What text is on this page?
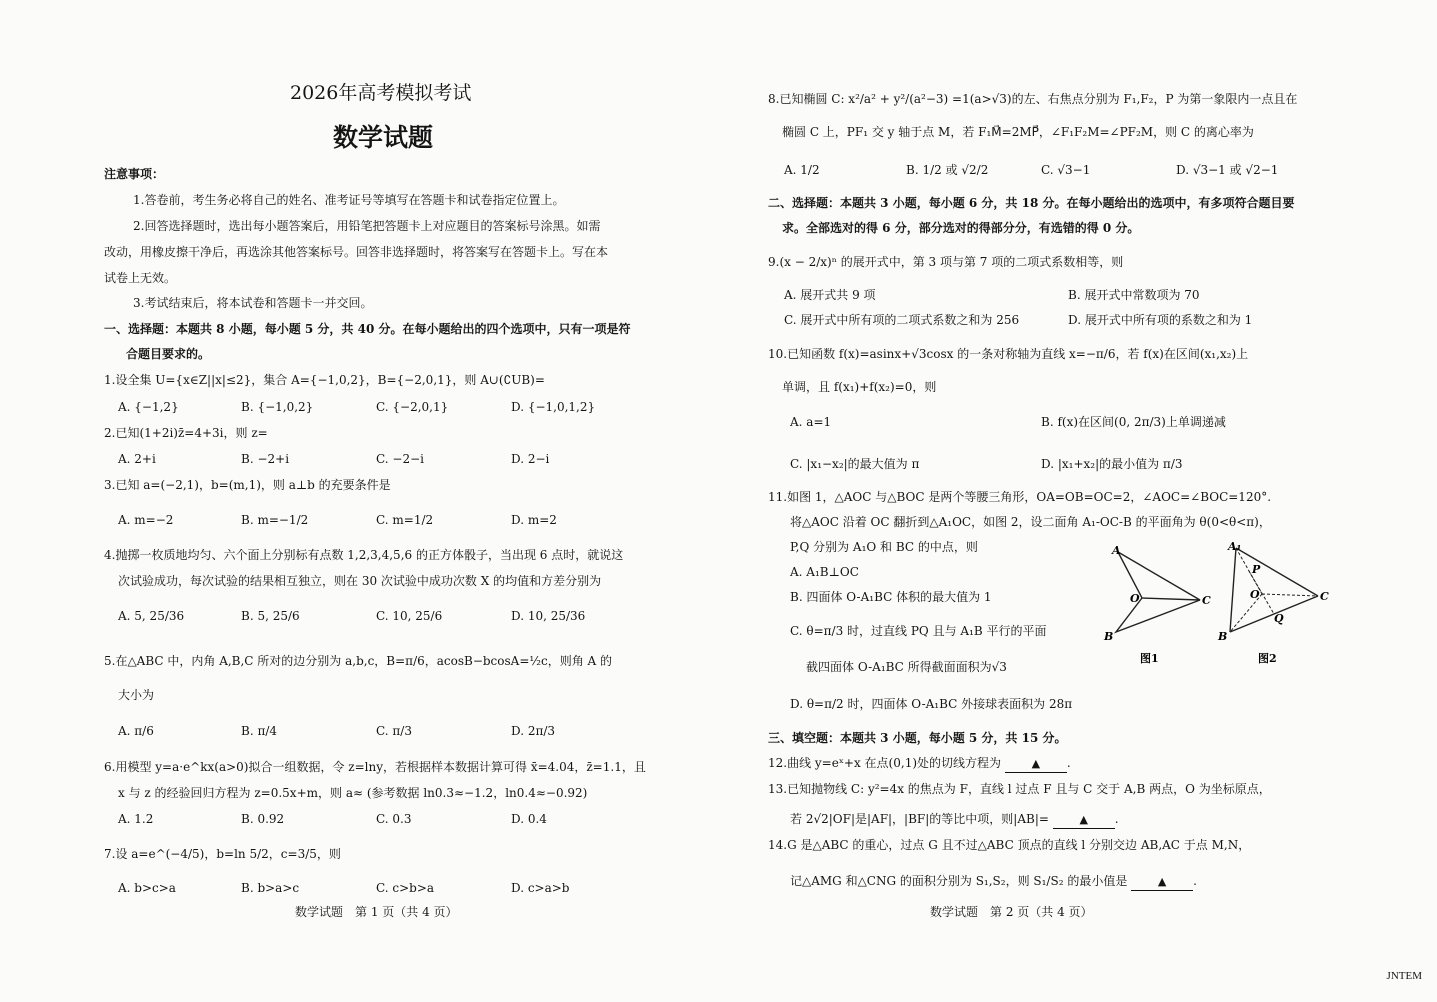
2026年高考模拟考试
数学试题
注意事项：
1.答卷前，考生务必将自己的姓名、准考证号等填写在答题卡和试卷指定位置上。
2.回答选择题时，选出每小题答案后，用铅笔把答题卡上对应题目的答案标号涂黑。如需
改动，用橡皮擦干净后，再选涂其他答案标号。回答非选择题时，将答案写在答题卡上。写在本
试卷上无效。
3.考试结束后，将本试卷和答题卡一并交回。
一、选择题：本题共 8 小题，每小题 5 分，共 40 分。在每小题给出的四个选项中，只有一项是符
合题目要求的。
1.设全集 U={x∈Z||x|≤2}，集合 A={−1,0,2}，B={−2,0,1}，则 A∪(∁UB)=
A. {−1,2}	B. {−1,0,2}	C. {−2,0,1}	D. {−1,0,1,2}
2.已知(1+2i)z̄=4+3i，则 z=
A. 2+i	B. −2+i	C. −2−i	D. 2−i
3.已知 a=(−2,1)，b=(m,1)，则 a⊥b 的充要条件是
A. m=−2	B. m=−1/2	C. m=1/2	D. m=2
4.抛掷一枚质地均匀、六个面上分别标有点数 1,2,3,4,5,6 的正方体骰子，当出现 6 点时，就说这
次试验成功，每次试验的结果相互独立，则在 30 次试验中成功次数 X 的均值和方差分别为
A. 5, 25/36	B. 5, 25/6	C. 10, 25/6	D. 10, 25/36
5.在△ABC 中，内角 A,B,C 所对的边分别为 a,b,c，B=π/6，acosB−bcosA=½c，则角 A 的
大小为
A. π/6	B. π/4	C. π/3	D. 2π/3
6.用模型 y=a·e^kx(a>0)拟合一组数据，令 z=lny，若根据样本数据计算可得 x̄=4.04，z̄=1.1，且
x 与 z 的经验回归方程为 z=0.5x+m，则 a≈ (参考数据 ln0.3≈−1.2，ln0.4≈−0.92)
A. 1.2	B. 0.92	C. 0.3	D. 0.4
7.设 a=e^(−4/5)，b=ln 5/2，c=3/5，则
A. b>c>a	B. b>a>c	C. c>b>a	D. c>a>b
数学试题　第 1 页（共 4 页）
8.已知椭圆 C: x²/a² + y²/(a²−3) =1(a>√3)的左、右焦点分别为 F₁,F₂，P 为第一象限内一点且在
椭圆 C 上，PF₁ 交 y 轴于点 M，若 F₁M⃗=2MP⃗，∠F₁F₂M=∠PF₂M，则 C 的离心率为
A. 1/2	B. 1/2 或 √2/2	C. √3−1	D. √3−1 或 √2−1
二、选择题：本题共 3 小题，每小题 6 分，共 18 分。在每小题给出的选项中，有多项符合题目要
求。全部选对的得 6 分，部分选对的得部分分，有选错的得 0 分。
9.(x − 2/x)ⁿ 的展开式中，第 3 项与第 7 项的二项式系数相等，则
A. 展开式共 9 项	B. 展开式中常数项为 70
C. 展开式中所有项的二项式系数之和为 256	D. 展开式中所有项的系数之和为 1
10.已知函数 f(x)=asinx+√3cosx 的一条对称轴为直线 x=−π/6，若 f(x)在区间(x₁,x₂)上
单调，且 f(x₁)+f(x₂)=0，则
A. a=1	B. f(x)在区间(0, 2π/3)上单调递减
C. |x₁−x₂|的最大值为 π	D. |x₁+x₂|的最小值为 π/3
11.如图 1，△AOC 与△BOC 是两个等腰三角形，OA=OB=OC=2，∠AOC=∠BOC=120°.
将△AOC 沿着 OC 翻折到△A₁OC，如图 2，设二面角 A₁-OC-B 的平面角为 θ(0<θ<π)，
P,Q 分别为 A₁O 和 BC 的中点，则
A. A₁B⊥OC
B. 四面体 O-A₁BC 体积的最大值为 1
C. θ=π/3 时，过直线 PQ 且与 A₁B 平行的平面
截四面体 O-A₁BC 所得截面面积为√3
D. θ=π/2 时，四面体 O-A₁BC 外接球表面积为 28π
A
O	C
B
图1
A₁
P
O	C
Q
B
图2
三、填空题：本题共 3 小题，每小题 5 分，共 15 分。
12.曲线 y=eˣ+x 在点(0,1)处的切线方程为	▲ .
13.已知抛物线 C: y²=4x 的焦点为 F，直线 l 过点 F 且与 C 交于 A,B 两点，O 为坐标原点，
若 2√2|OF|是|AF|，|BF|的等比中项，则|AB|=	▲ .
14.G 是△ABC 的重心，过点 G 且不过△ABC 顶点的直线 l 分别交边 AB,AC 于点 M,N，
记△AMG 和△CNG 的面积分别为 S₁,S₂，则 S₁/S₂ 的最小值是	▲ .
数学试题　第 2 页（共 4 页）
JNTEM
